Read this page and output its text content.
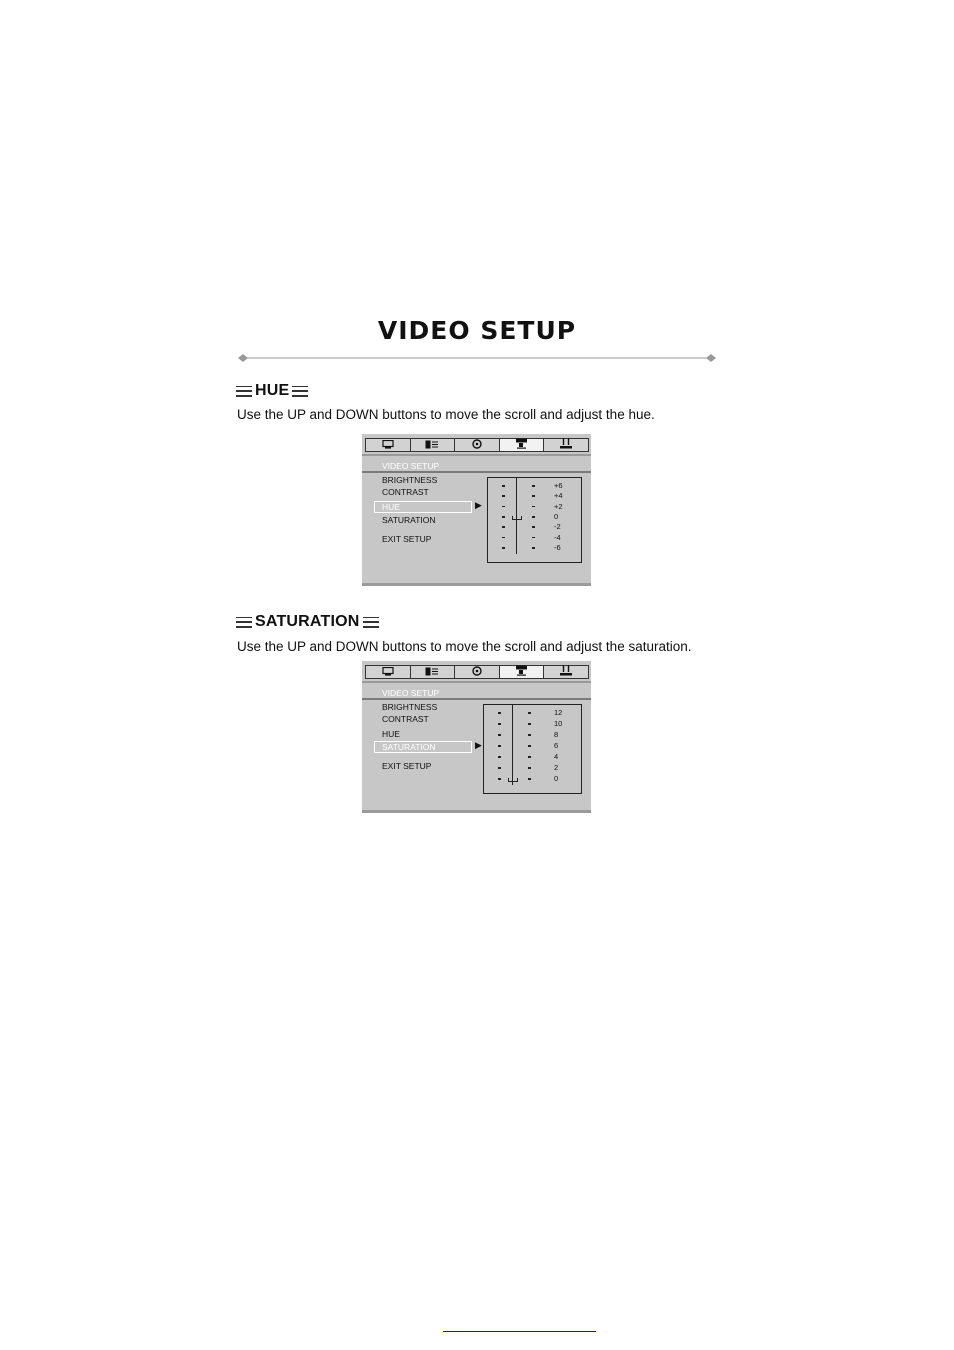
VIDEO SETUP
HUE

Use the UP and DOWN buttons to move the scroll and adjust the hue.

VIDEO SETUP
BRIGHTNESS
CONTRAST
HUE
SATURATION
EXIT SETUP
▶
+6
+4
+2
0
-2
-4
-6
SATURATION

Use the UP and DOWN buttons to move the scroll and adjust the saturation.

VIDEO SETUP
BRIGHTNESS
CONTRAST
HUE
SATURATION
EXIT SETUP
▶
12
10
8
6
4
2
0
